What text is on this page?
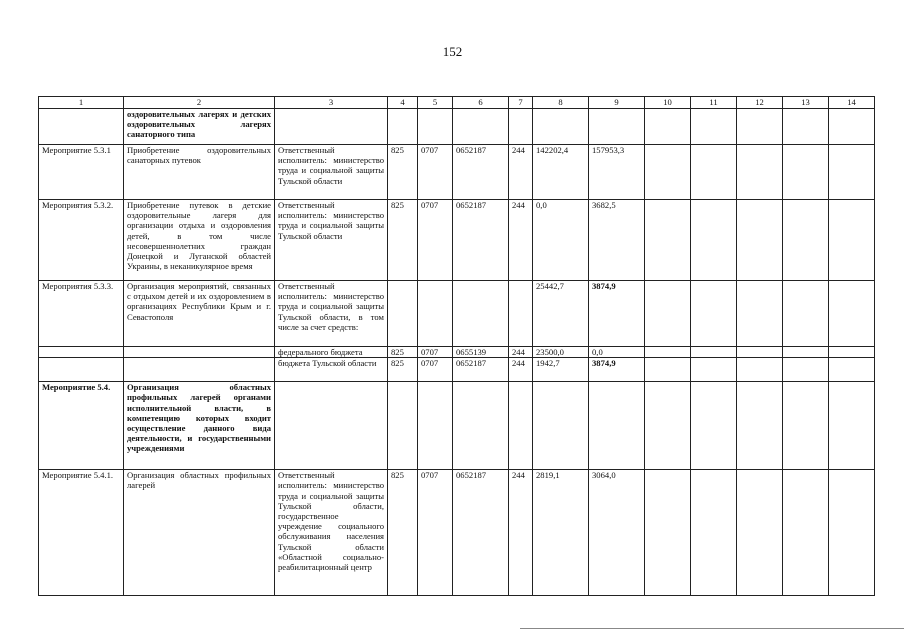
152
1	2	3	4	5	6	7	8	9	10	11	12	13	14
	оздоровительных лагерях и детских оздоровительных лагерях санаторного типа												
Мероприятие 5.3.1	Приобретение оздоровительных санаторных путевок	Ответственный исполнитель: министерство труда и социальной защиты Тульской области	825	0707	0652187	244	142202,4	157953,3					
Мероприятия 5.3.2.	Приобретение путевок в детские оздоровительные лагеря для организации отдыха и оздоровления детей, в том числе несовершеннолетних граждан Донецкой и Луганской областей Украины, в неканикулярное время	Ответственный исполнитель: министерство труда и социальной защиты Тульской области	825	0707	0652187	244	0,0	3682,5					
Мероприятия 5.3.3.	Организация мероприятий, связанных с отдыхом детей и их оздоровлением в организациях Республики Крым и г. Севастополя	Ответственный исполнитель: министерство труда и социальной защиты Тульской области, в том числе за счет средств:					25442,7	3874,9					
		федерального бюджета	825	0707	0655139	244	23500,0	0,0					
		бюджета Тульской области	825	0707	0652187	244	1942,7	3874,9					
Мероприятие 5.4.	Организация областных профильных лагерей органами исполнительной власти, в компетенцию которых входит осуществление данного вида деятельности, и государственными учреждениями												
Мероприятие 5.4.1.	Организация областных профильных лагерей	Ответственный исполнитель: министерство труда и социальной защиты Тульской области, государственное учреждение социального обслуживания населения Тульской области «Областной социально-реабилитационный центр	825	0707	0652187	244	2819,1	3064,0					
